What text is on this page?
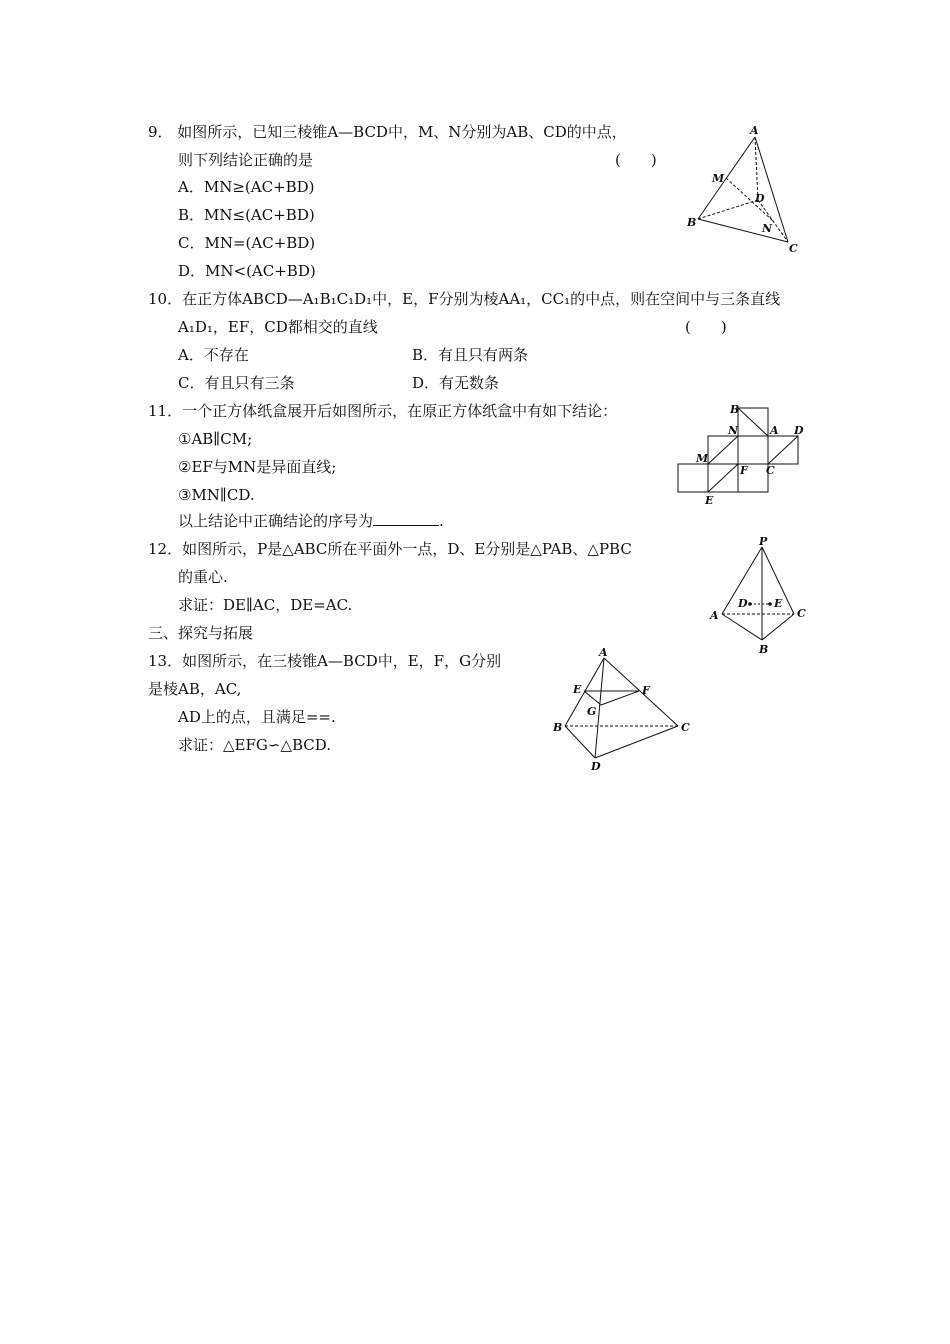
9． 如图所示，已知三棱锥A—BCD中，M、N分别为AB、CD的中点，
则下列结论正确的是	(　　)
A．MN≥(AC+BD)
B．MN≤(AC+BD)
C．MN=(AC+BD)
D．MN<(AC+BD)
A
M
D
B	N
C
10．在正方体ABCD—A₁B₁C₁D₁中，E，F分别为棱AA₁，CC₁的中点，则在空间中与三条直线
A₁D₁，EF，CD都相交的直线	(　　)
A．不存在	B．有且只有两条
C．有且只有三条	D．有无数条
11．一个正方体纸盒展开后如图所示，在原正方体纸盒中有如下结论：
①AB∥CM;
②EF与MN是异面直线;
③MN∥CD.
以上结论中正确结论的序号为	.
B
N	A D
M
F C
E
12．如图所示，P是△ABC所在平面外一点，D、E分别是△PAB、△PBC
的重心.
求证：DE∥AC，DE=AC.
P
D E
A	C
B
三、探究与拓展
13．如图所示，在三棱锥A—BCD中，E，F，G分别
是棱AB，AC,
AD上的点，且满足==.
求证：△EFG∽△BCD.
A
E	F
G
B	C
D
